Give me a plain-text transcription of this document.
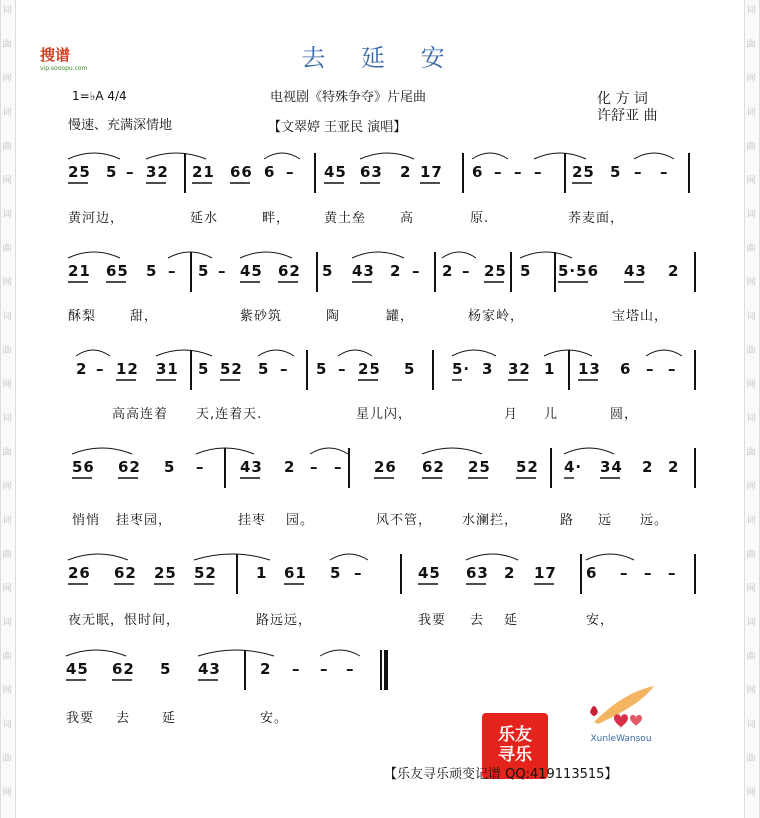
词
曲
网
词
曲
网
词
曲
网
词
曲
网
词
曲
网
词
曲
网
词
曲
网
词
曲
网
词
曲
网
词
曲
网
词
曲
网
词
曲
网
词
曲
网
词
曲
网
词
曲
网
词
曲
网
搜谱
vip.sooopu.com	去 延 安
1=♭A 4/4
慢速、充满深情地
电视剧《特殊争夺》片尾曲
【文翠婷 王亚民 演唱】
化 方 词
许舒亚 曲
25 5 – 32 21 66 6 – 45 63 2 17 6 – – – 25 5 – –
黄河边，	延水	畔，	黄土垒	高	原.	荞麦面，
21 65 5 – 5 – 45 62 5 43 2 – 2 – 25 5 5·56 43 2
酥梨	甜，	紫砂筑	陶	罐，	杨家岭，	宝塔山，
2 – 12 31 5 52 5 – 5 – 25 5 5· 3 32 1 13 6 – –
高高连着 天,连着天.	星儿闪，	月 儿	圆，
56 62 5 – 43 2 – – 26 62 25 52 4· 34 2 2
悄悄 挂枣园，	挂枣 园。	风不管， 水澜拦，	路 远 远。
26 62 25 52	1 61 5 –	45 63 2 17 6 – – –
夜无眠，恨时间，	路远远，	我要 去 延	安，
45 62 5 43	2 – – –
我要 去 延	安。
乐友
寻乐
XunleWansou
【乐友寻乐顽变记谱 QQ:419113515】
